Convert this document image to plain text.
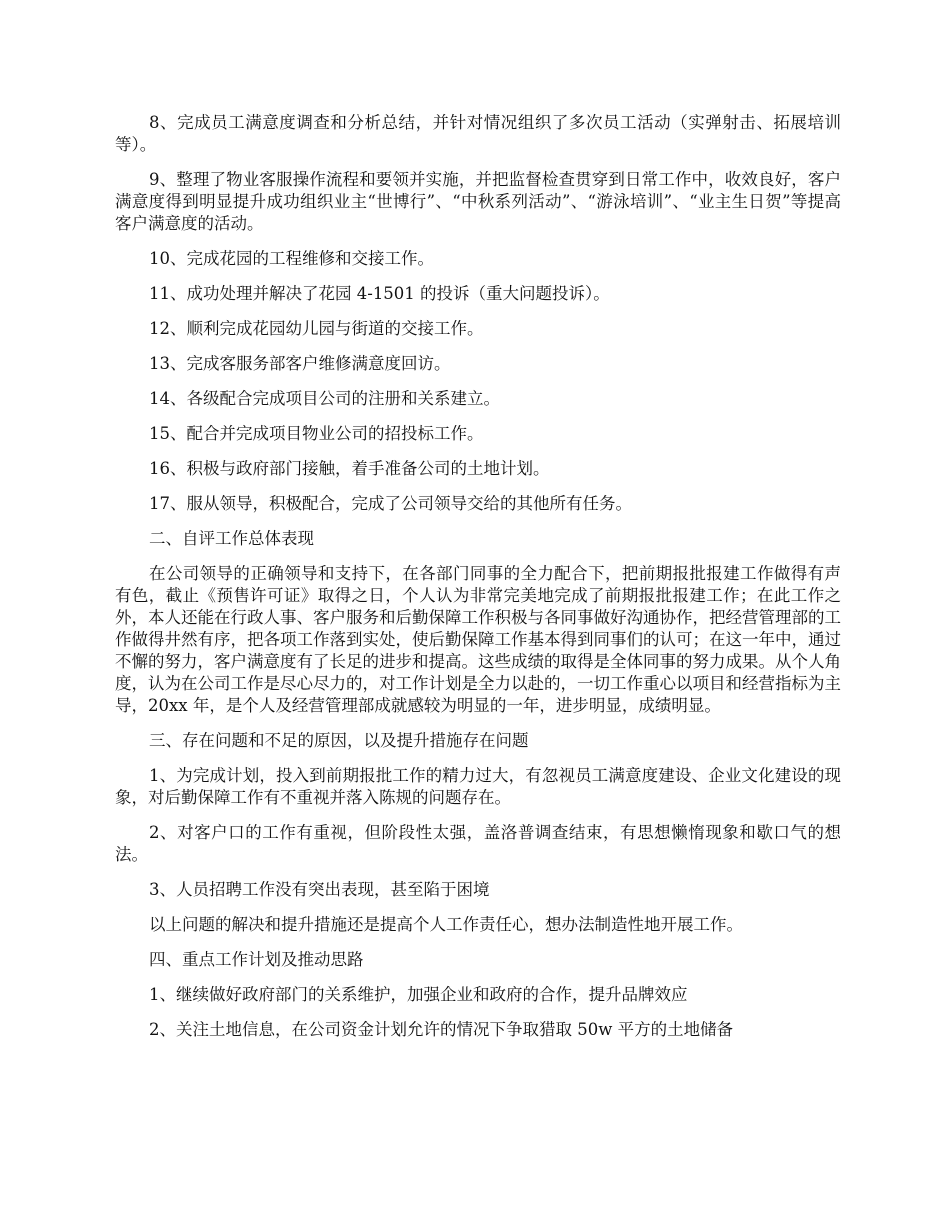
8、完成员工满意度调查和分析总结，并针对情况组织了多次员工活动（实弹射击、拓展培训等）。

9、整理了物业客服操作流程和要领并实施，并把监督检查贯穿到日常工作中，收效良好，客户满意度得到明显提升成功组织业主“世博行”、“中秋系列活动”、“游泳培训”、“业主生日贺”等提高客户满意度的活动。

10、完成花园的工程维修和交接工作。

11、成功处理并解决了花园 4-1501 的投诉（重大问题投诉）。

12、顺利完成花园幼儿园与街道的交接工作。

13、完成客服务部客户维修满意度回访。

14、各级配合完成项目公司的注册和关系建立。

15、配合并完成项目物业公司的招投标工作。

16、积极与政府部门接触，着手准备公司的土地计划。

17、服从领导，积极配合，完成了公司领导交给的其他所有任务。

二、自评工作总体表现

在公司领导的正确领导和支持下，在各部门同事的全力配合下，把前期报批报建工作做得有声有色，截止《预售许可证》取得之日，个人认为非常完美地完成了前期报批报建工作；在此工作之外，本人还能在行政人事、客户服务和后勤保障工作积极与各同事做好沟通协作，把经营管理部的工作做得井然有序，把各项工作落到实处，使后勤保障工作基本得到同事们的认可；在这一年中，通过不懈的努力，客户满意度有了长足的进步和提高。这些成绩的取得是全体同事的努力成果。从个人角度，认为在公司工作是尽心尽力的，对工作计划是全力以赴的，一切工作重心以项目和经营指标为主导，20xx 年，是个人及经营管理部成就感较为明显的一年，进步明显，成绩明显。

三、存在问题和不足的原因，以及提升措施存在问题

1、为完成计划，投入到前期报批工作的精力过大，有忽视员工满意度建设、企业文化建设的现象，对后勤保障工作有不重视并落入陈规的问题存在。

2、对客户口的工作有重视，但阶段性太强，盖洛普调查结束，有思想懒惰现象和歇口气的想法。

3、人员招聘工作没有突出表现，甚至陷于困境

以上问题的解决和提升措施还是提高个人工作责任心，想办法制造性地开展工作。

四、重点工作计划及推动思路

1、继续做好政府部门的关系维护，加强企业和政府的合作，提升品牌效应

2、关注土地信息，在公司资金计划允许的情况下争取猎取 50w 平方的土地储备
